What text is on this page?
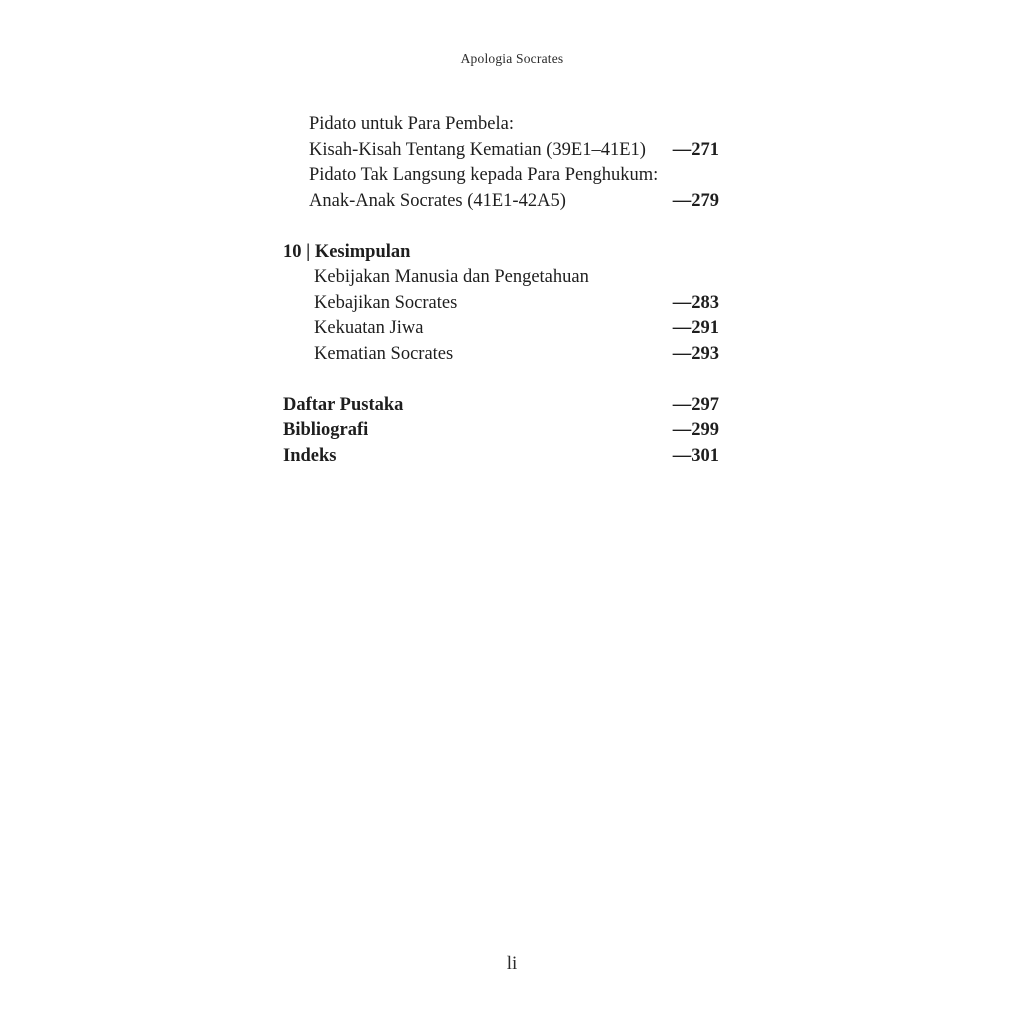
Apologia Socrates
Pidato untuk Para Pembela:
Kisah-Kisah Tentang Kematian (39E1–41E1) —271
Pidato Tak Langsung kepada Para Penghukum:
Anak-Anak Socrates (41E1-42A5)	—279
10 | Kesimpulan
Kebijakan Manusia dan Pengetahuan
Kebajikan Socrates	—283
Kekuatan Jiwa	—291
Kematian Socrates	—293
Daftar Pustaka	—297
Bibliografi	—299
Indeks	—301
li
